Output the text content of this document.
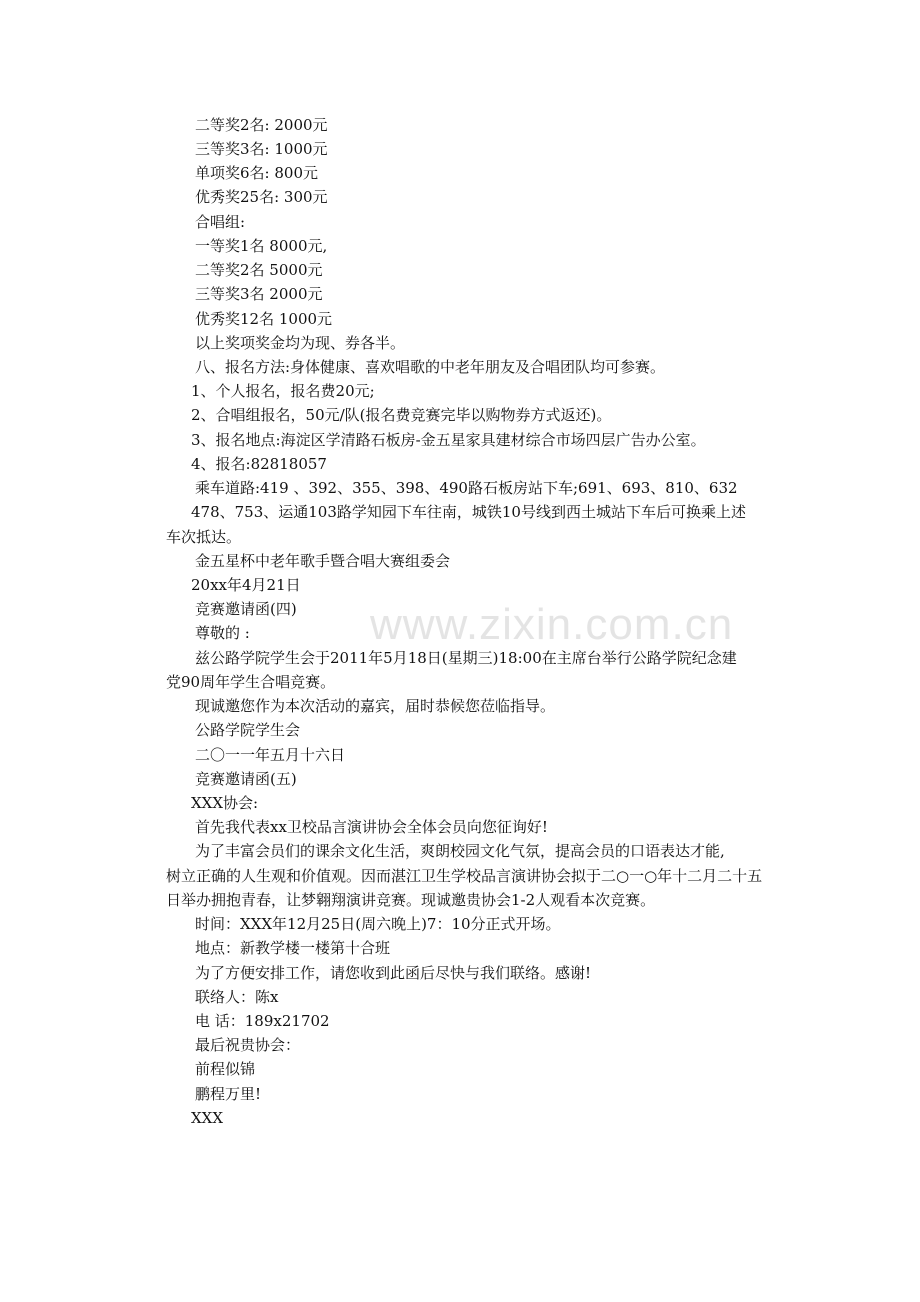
www.zixin.com.cn
二等奖2名: 2000元
三等奖3名: 1000元
单项奖6名: 800元
优秀奖25名: 300元
合唱组:
一等奖1名 8000元,
二等奖2名 5000元
三等奖3名 2000元
优秀奖12名 1000元
以上奖项奖金均为现、券各半。
八、报名方法:身体健康、喜欢唱歌的中老年朋友及合唱团队均可参赛。
1、个人报名，报名费20元;
2、合唱组报名，50元/队(报名费竞赛完毕以购物券方式返还)。
3、报名地点:海淀区学清路石板房-金五星家具建材综合市场四层广告办公室。
4、报名:82818057
乘车道路:419 、392、355、398、490路石板房站下车;691、693、810、632
478、753、运通103路学知园下车往南，城铁10号线到西土城站下车后可换乘上述
车次抵达。
金五星杯中老年歌手暨合唱大赛组委会
20xx年4月21日
竞赛邀请函(四)
尊敬的 :
兹公路学院学生会于2011年5月18日(星期三)18:00在主席台举行公路学院纪念建
党90周年学生合唱竞赛。
现诚邀您作为本次活动的嘉宾，届时恭候您莅临指导。
公路学院学生会
二〇一一年五月十六日
竞赛邀请函(五)
XXX协会:
首先我代表xx卫校品言演讲协会全体会员向您征询好!
为了丰富会员们的课余文化生活，爽朗校园文化气氛，提高会员的口语表达才能,
树立正确的人生观和价值观。因而湛江卫生学校品言演讲协会拟于二○一○年十二月二十五
日举办拥抱青春，让梦翱翔演讲竞赛。现诚邀贵协会1-2人观看本次竞赛。
时间：XXX年12月25日(周六晚上)7：10分正式开场。
地点：新教学楼一楼第十合班
为了方便安排工作，请您收到此函后尽快与我们联络。感谢!
联络人：陈x
电 话：189x21702
最后祝贵协会：
前程似锦
鹏程万里!
XXX
